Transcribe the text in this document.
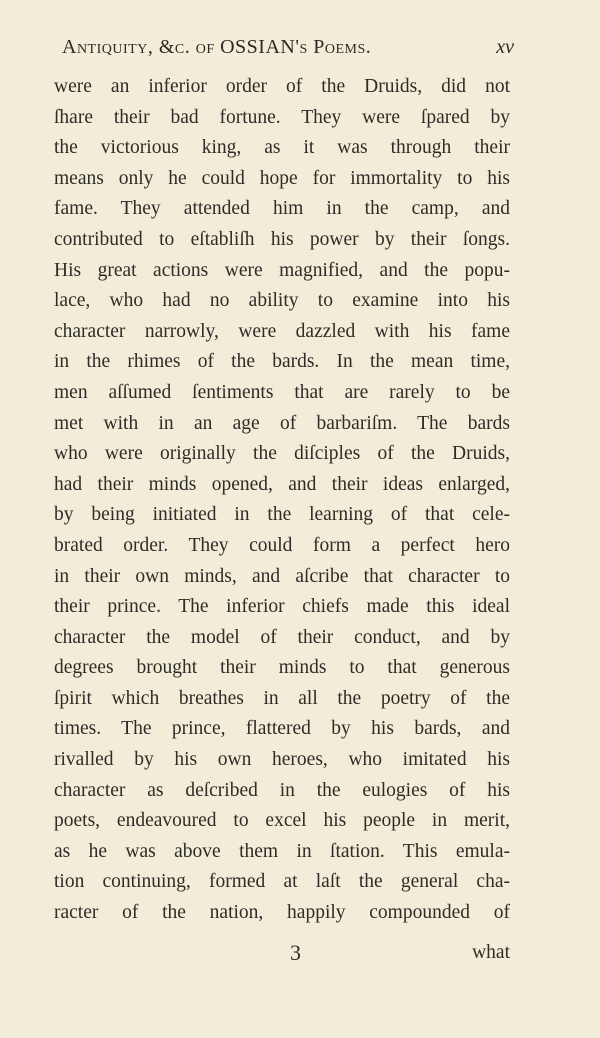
Antiquity, &c. of OSSIAN's Poems.	xv
were an inferior order of the Druids, did not
ſhare their bad fortune. They were ſpared by
the victorious king, as it was through their
means only he could hope for immortality to his
fame. They attended him in the camp, and
contributed to eſtabliſh his power by their ſongs.
His great actions were magnified, and the popu-
lace, who had no ability to examine into his
character narrowly, were dazzled with his fame
in the rhimes of the bards. In the mean time,
men aſſumed ſentiments that are rarely to be
met with in an age of barbariſm. The bards
who were originally the diſciples of the Druids,
had their minds opened, and their ideas enlarged,
by being initiated in the learning of that cele-
brated order. They could form a perfect hero
in their own minds, and aſcribe that character to
their prince. The inferior chiefs made this ideal
character the model of their conduct, and by
degrees brought their minds to that generous
ſpirit which breathes in all the poetry of the
times. The prince, flattered by his bards, and
rivalled by his own heroes, who imitated his
character as deſcribed in the eulogies of his
poets, endeavoured to excel his people in merit,
as he was above them in ſtation. This emula-
tion continuing, formed at laſt the general cha-
racter of the nation, happily compounded of
3	what
